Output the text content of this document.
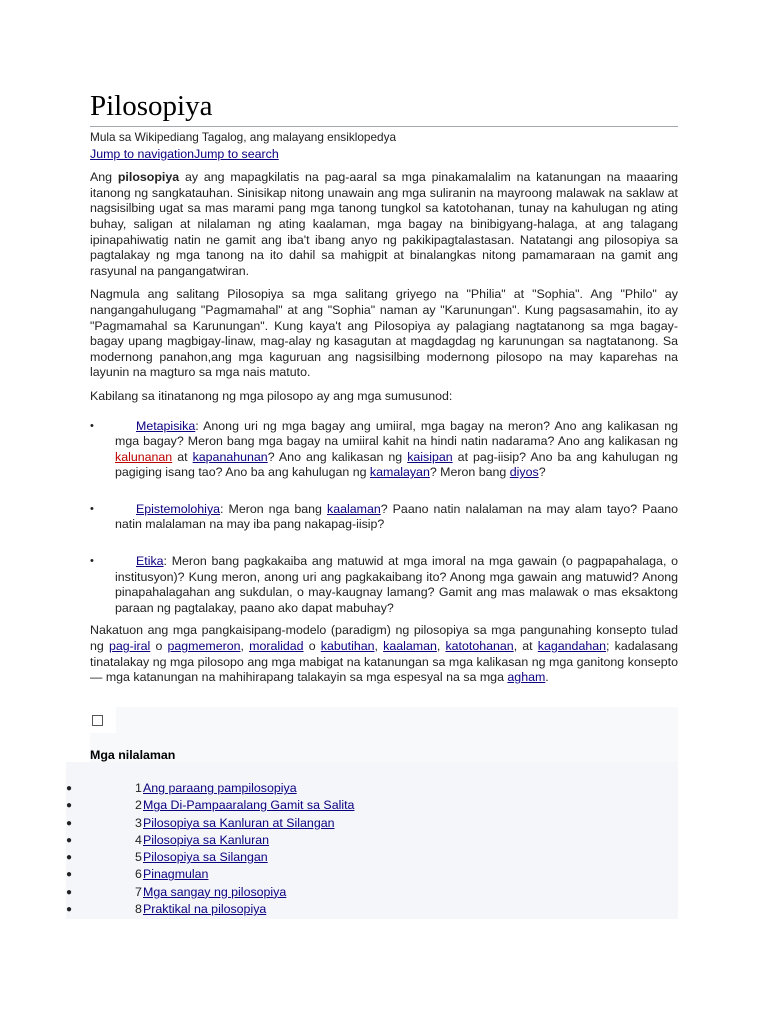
Pilosopiya
Mula sa Wikipediang Tagalog, ang malayang ensiklopedya
Jump to navigationJump to search

Ang pilosopiya ay ang mapagkilatis na pag-aaral sa mga pinakamalalim na katanungan na maaaring itanong ng sangkatauhan. Sinisikap nitong unawain ang mga suliranin na mayroong malawak na saklaw at nagsisilbing ugat sa mas marami pang mga tanong tungkol sa katotohanan, tunay na kahulugan ng ating buhay, saligan at nilalaman ng ating kaalaman, mga bagay na binibigyang-halaga, at ang talagang ipinapahiwatig natin ne gamit ang iba't ibang anyo ng pakikipagtalastasan. Natatangi ang pilosopiya sa pagtalakay ng mga tanong na ito dahil sa mahigpit at binalangkas nitong pamamaraan na gamit ang rasyunal na pangangatwiran.

Nagmula ang salitang Pilosopiya sa mga salitang griyego na "Philia" at "Sophia". Ang "Philo" ay nangangahulugang "Pagmamahal" at ang "Sophia" naman ay "Karunungan". Kung pagsasamahin, ito ay "Pagmamahal sa Karunungan". Kung kaya't ang Pilosopiya ay palagiang nagtatanong sa mga bagay-bagay upang magbigay-linaw, mag-alay ng kasagutan at magdagdag ng karunungan sa nagtatanong. Sa modernong panahon,ang mga kaguruan ang nagsisilbing modernong pilosopo na may kaparehas na layunin na magturo sa mga nais matuto.

Kabilang sa itinatanong ng mga pilosopo ay ang mga sumusunod:

•	Metapisika: Anong uri ng mga bagay ang umiiral, mga bagay na meron? Ano ang kalikasan ng mga bagay? Meron bang mga bagay na umiiral kahit na hindi natin nadarama? Ano ang kalikasan ng kalunanan at kapanahunan? Ano ang kalikasan ng kaisipan at pag-iisip? Ano ba ang kahulugan ng pagiging isang tao? Ano ba ang kahulugan ng kamalayan? Meron bang diyos?
•	Epistemolohiya: Meron nga bang kaalaman? Paano natin nalalaman na may alam tayo? Paano natin malalaman na may iba pang nakapag-iisip?
•	Etika: Meron bang pagkakaiba ang matuwid at mga imoral na mga gawain (o pagpapahalaga, o institusyon)? Kung meron, anong uri ang pagkakaibang ito? Anong mga gawain ang matuwid? Anong pinapahalagahan ang sukdulan, o may-kaugnay lamang? Gamit ang mas malawak o mas eksaktong paraan ng pagtalakay, paano ako dapat mabuhay?

Nakatuon ang mga pangkaisipang-modelo (paradigm) ng pilosopiya sa mga pangunahing konsepto tulad ng pag-iral o pagmemeron, moralidad o kabutihan, kaalaman, katotohanan, at kagandahan; kadalasang tinatalakay ng mga pilosopo ang mga mabigat na katanungan sa mga kalikasan ng mga ganitong konsepto — mga katanungan na mahihirapang talakayin sa mga espesyal na sa mga agham.

Mga nilalaman
●	1 Ang paraang pampilosopiya
●	2 Mga Di-Pampaaralang Gamit sa Salita
●	3 Pilosopiya sa Kanluran at Silangan
●	4 Pilosopiya sa Kanluran
●	5 Pilosopiya sa Silangan
●	6 Pinagmulan
●	7 Mga sangay ng pilosopiya
●	8 Praktikal na pilosopiya
